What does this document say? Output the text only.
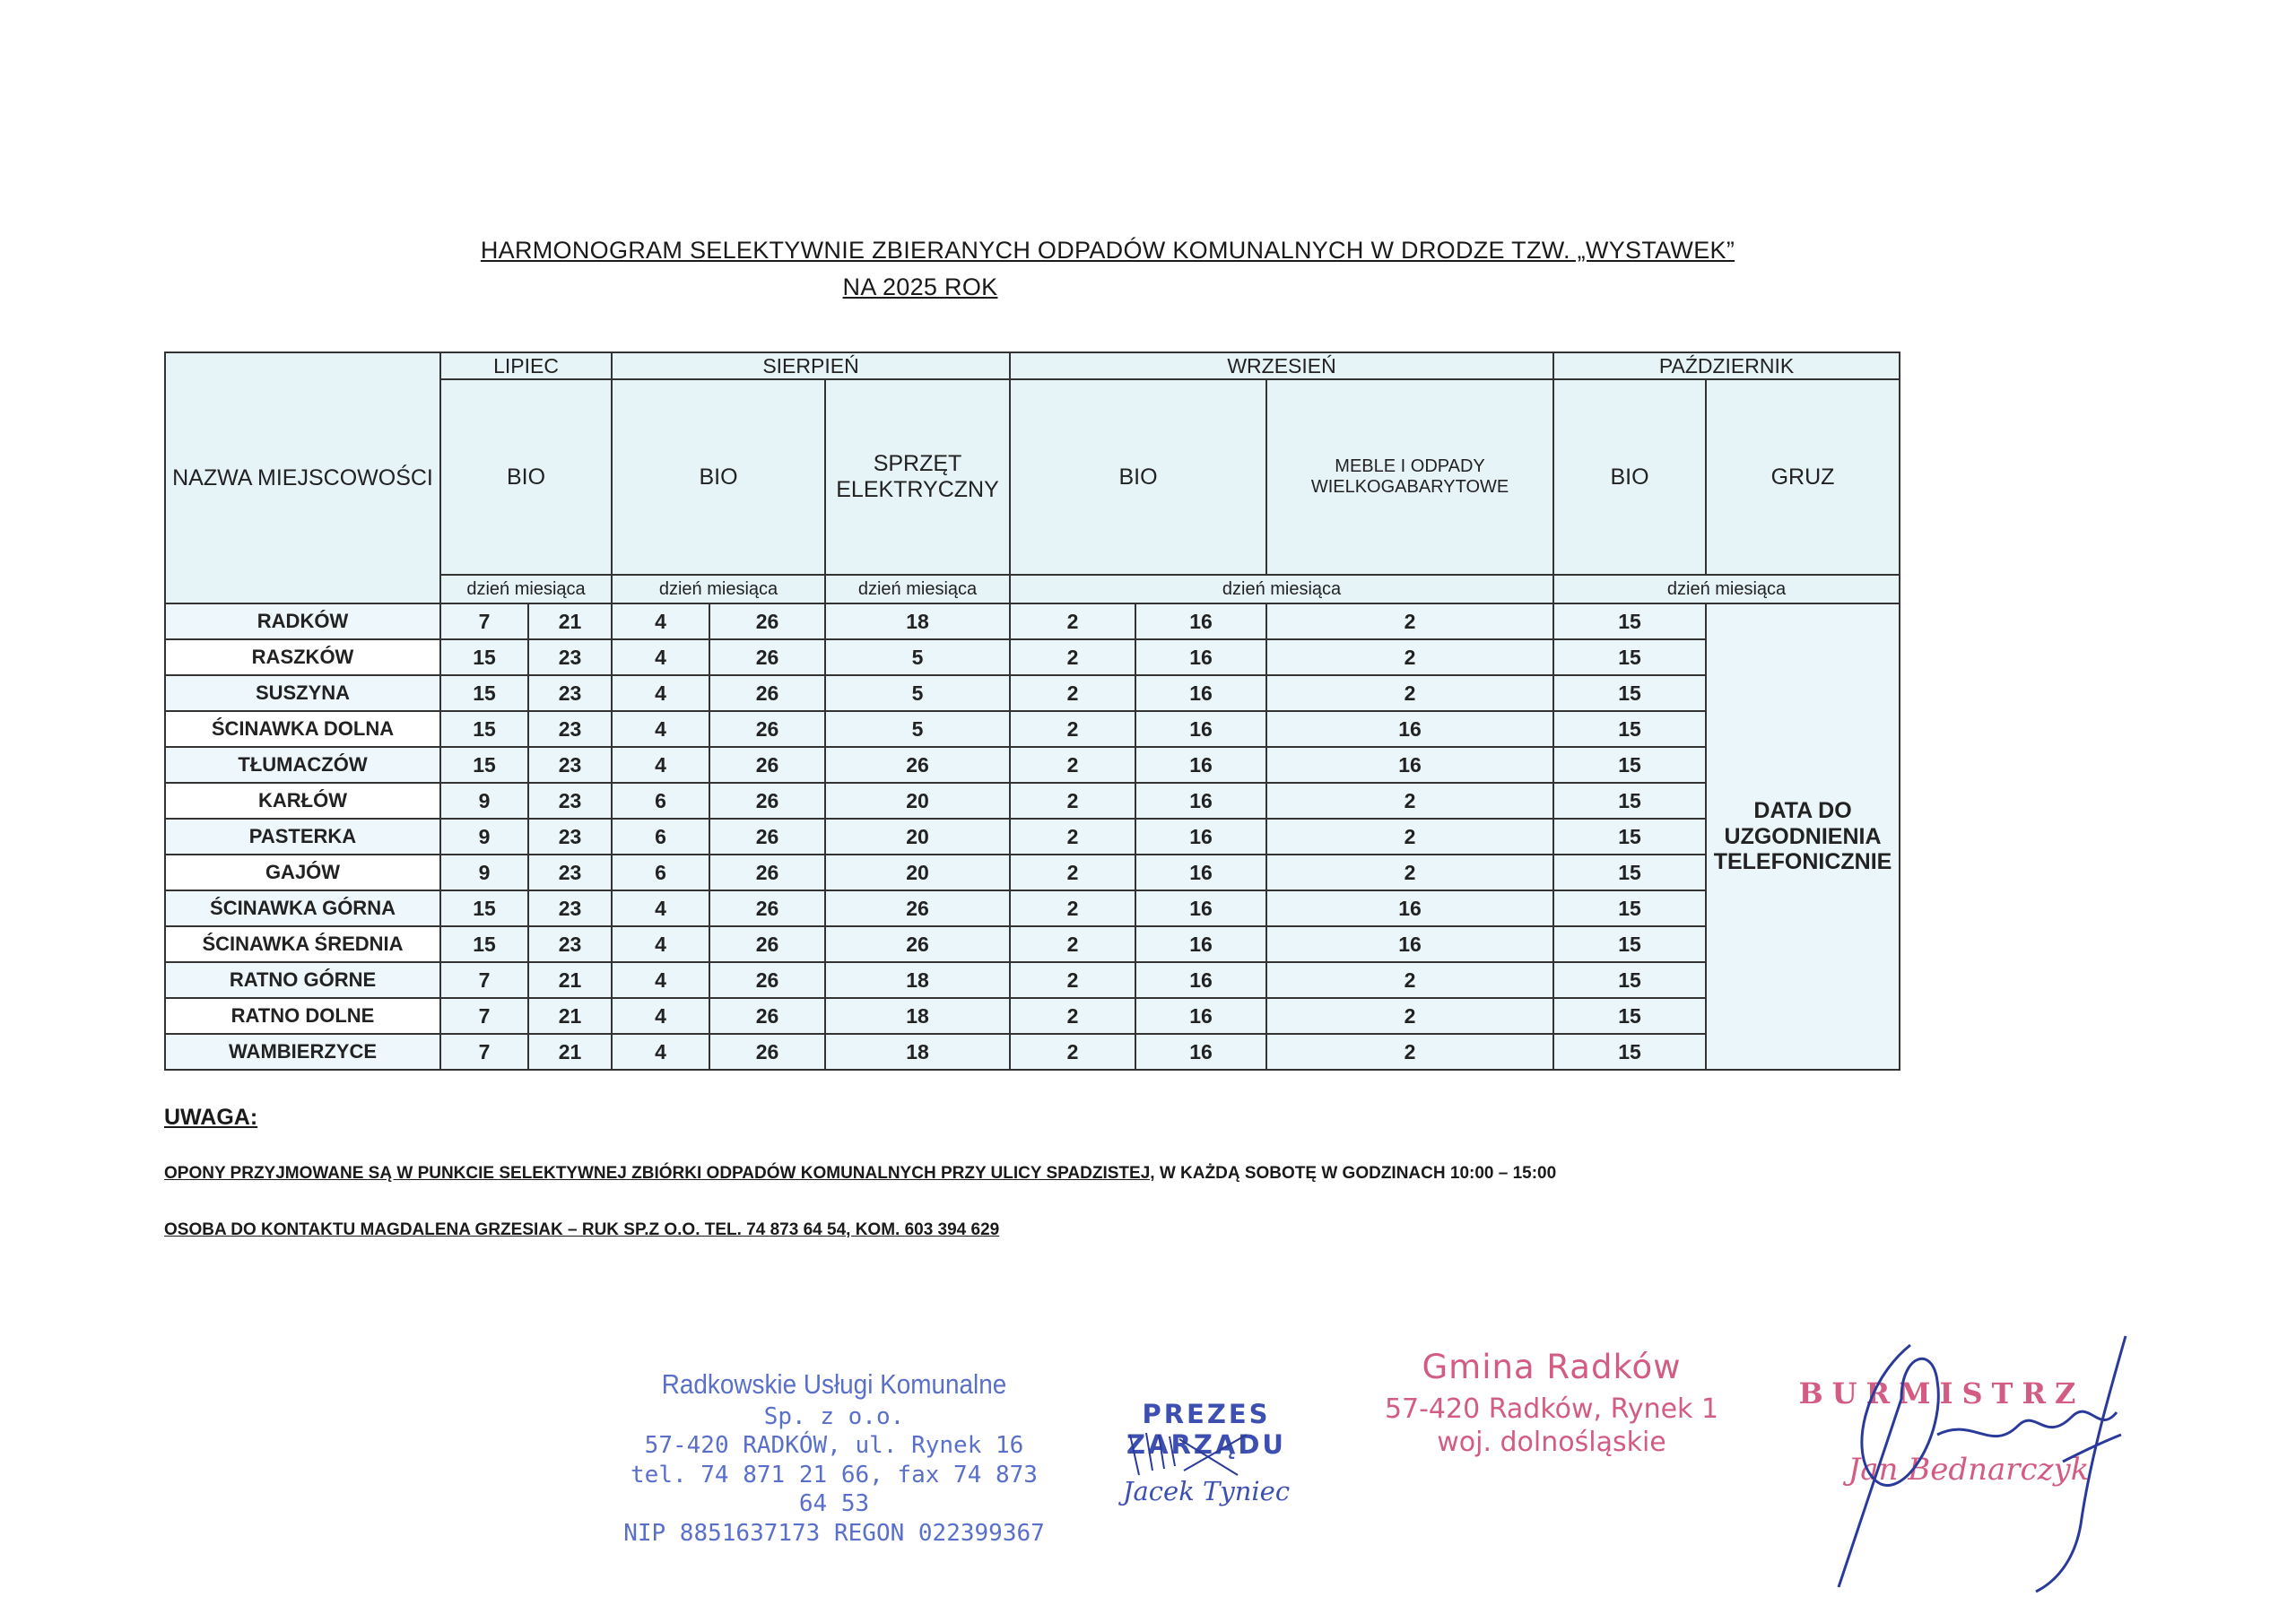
HARMONOGRAM SELEKTYWNIE ZBIERANYCH ODPADÓW KOMUNALNYCH W DRODZE TZW. „WYSTAWEK”
NA 2025 ROK
NAZWA MIEJSCOWOŚCI	LIPIEC		SIERPIEŃ			WRZESIEŃ			PAŹDZIERNIK	
	BIO		BIO		SPRZĘT ELEKTRYCZNY	BIO		MEBLE I ODPADY WIELKOGABARYTOWE	BIO	GRUZ
	dzień miesiąca		dzień miesiąca		dzień miesiąca	dzień miesiąca			dzień miesiąca	
RADKÓW	7	21	4	26	18	2	16	2	15	DATA DO UZGODNIENIA TELEFONICZNIE
RASZKÓW	15	23	4	26	5	2	16	2	15	
SUSZYNA	15	23	4	26	5	2	16	2	15	
ŚCINAWKA DOLNA	15	23	4	26	5	2	16	16	15	
TŁUMACZÓW	15	23	4	26	26	2	16	16	15	
KARŁÓW	9	23	6	26	20	2	16	2	15	
PASTERKA	9	23	6	26	20	2	16	2	15	
GAJÓW	9	23	6	26	20	2	16	2	15	
ŚCINAWKA GÓRNA	15	23	4	26	26	2	16	16	15	
ŚCINAWKA ŚREDNIA	15	23	4	26	26	2	16	16	15	
RATNO GÓRNE	7	21	4	26	18	2	16	2	15	
RATNO DOLNE	7	21	4	26	18	2	16	2	15	
WAMBIERZYCE	7	21	4	26	18	2	16	2	15	
UWAGA:
OPONY PRZYJMOWANE SĄ W PUNKCIE SELEKTYWNEJ ZBIÓRKI ODPADÓW KOMUNALNYCH PRZY ULICY SPADZISTEJ, W KAŻDĄ SOBOTĘ W GODZINACH 10:00 – 15:00
OSOBA DO KONTAKTU MAGDALENA GRZESIAK – RUK SP.Z O.O. TEL. 74 873 64 54, KOM. 603 394 629
Radkowskie Usługi Komunalne
Sp. z o.o.
57-420 RADKÓW, ul. Rynek 16
tel. 74 871 21 66, fax 74 873 64 53
NIP 8851637173 REGON 022399367
PREZES ZARZĄDU
Jacek Tyniec
Gmina Radków
57-420 Radków, Rynek 1
woj. dolnośląskie
BURMISTRZ
Jan Bednarczyk
